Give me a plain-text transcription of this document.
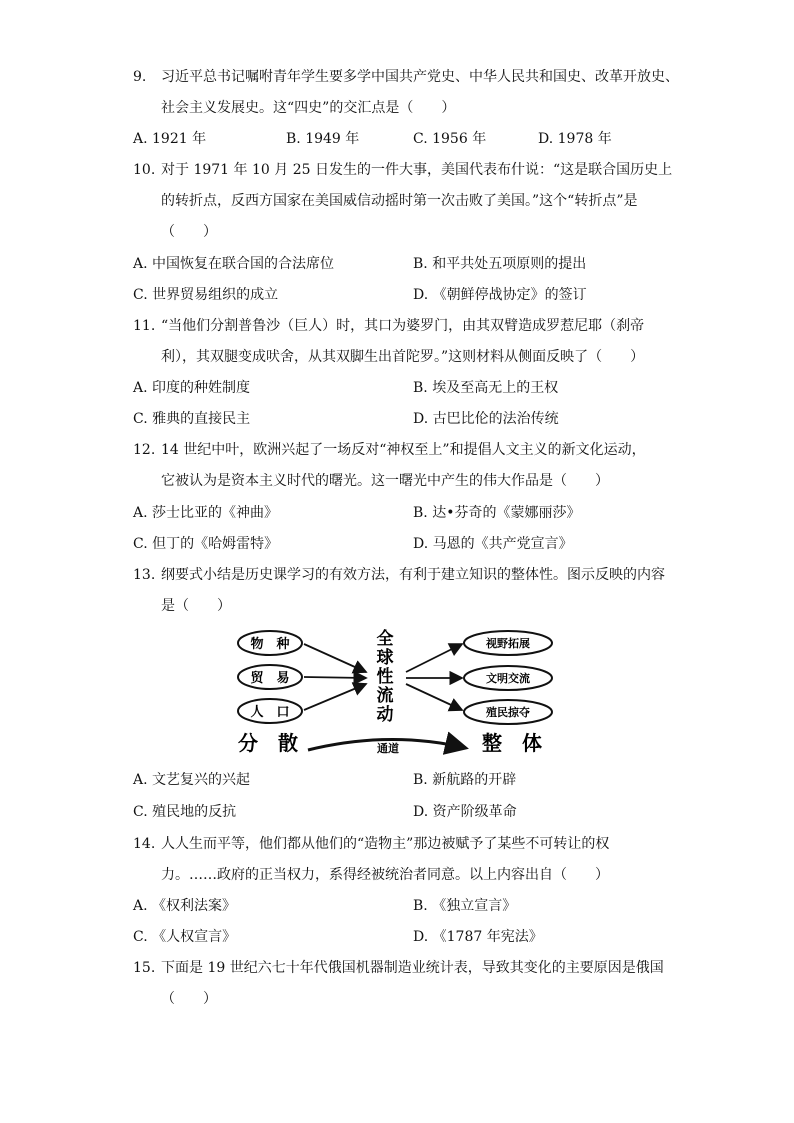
9. 习近平总书记嘱咐青年学生要多学中国共产党史、中华人民共和国史、改革开放史、
社会主义发展史。这“四史”的交汇点是（　　）
A. 1921 年	B. 1949 年	C. 1956 年	D. 1978 年
10. 对于 1971 年 10 月 25 日发生的一件大事，美国代表布什说：“这是联合国历史上
的转折点，反西方国家在美国威信动摇时第一次击败了美国。”这个“转折点”是
（　　）
A. 中国恢复在联合国的合法席位	B. 和平共处五项原则的提出
C. 世界贸易组织的成立	D. 《朝鲜停战协定》的签订
11. “当他们分割普鲁沙（巨人）时，其口为婆罗门，由其双臂造成罗惹尼耶（刹帝
利），其双腿变成吠舍，从其双脚生出首陀罗。”这则材料从侧面反映了（　　）
A. 印度的种姓制度	B. 埃及至高无上的王权
C. 雅典的直接民主	D. 古巴比伦的法治传统
12. 14 世纪中叶，欧洲兴起了一场反对“神权至上”和提倡人文主义的新文化运动，
它被认为是资本主义时代的曙光。这一曙光中产生的伟大作品是（　　）
A. 莎士比亚的《神曲》	B. 达•芬奇的《蒙娜丽莎》
C. 但丁的《哈姆雷特》	D. 马恩的《共产党宣言》
13. 纲要式小结是历史课学习的有效方法，有利于建立知识的整体性。图示反映的内容
是（　　）
物　种
贸　易
人　口
全
球
性
流
动
视野拓展
文明交流
殖民掠夺
分　散	通道	整　体
A. 文艺复兴的兴起	B. 新航路的开辟
C. 殖民地的反抗	D. 资产阶级革命
14. 人人生而平等，他们都从他们的“造物主”那边被赋予了某些不可转让的权
力。……政府的正当权力，系得经被统治者同意。以上内容出自（　　）
A. 《权利法案》	B. 《独立宣言》
C. 《人权宣言》	D. 《1787 年宪法》
15. 下面是 19 世纪六七十年代俄国机器制造业统计表，导致其变化的主要原因是俄国
（　　）
